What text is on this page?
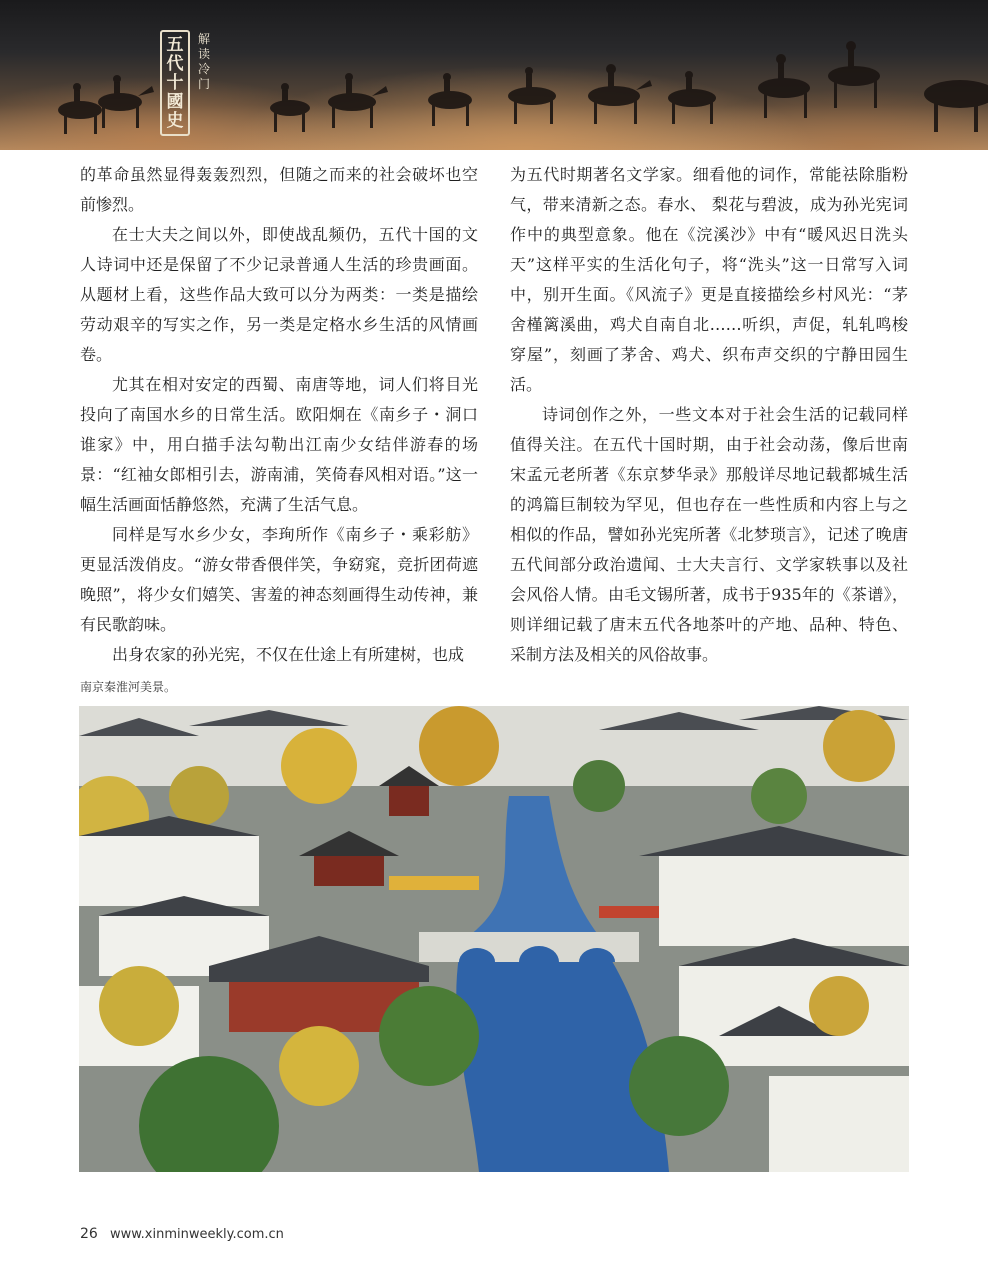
五
代
十
國
史
解
读
冷
门

的革命虽然显得轰轰烈烈，但随之而来的社会破坏也空前惨烈。

在士大夫之间以外，即使战乱频仍，五代十国的文人诗词中还是保留了不少记录普通人生活的珍贵画面。从题材上看，这些作品大致可以分为两类：一类是描绘劳动艰辛的写实之作，另一类是定格水乡生活的风情画卷。

尤其在相对安定的西蜀、南唐等地，词人们将目光投向了南国水乡的日常生活。欧阳炯在《南乡子・洞口谁家》中，用白描手法勾勒出江南少女结伴游春的场景：“红袖女郎相引去，游南浦，笑倚春风相对语。”这一幅生活画面恬静悠然，充满了生活气息。

同样是写水乡少女，李珣所作《南乡子・乘彩舫》更显活泼俏皮。“游女带香偎伴笑，争窈窕，竞折团荷遮晚照”，将少女们嬉笑、害羞的神态刻画得生动传神，兼有民歌韵味。

出身农家的孙光宪，不仅在仕途上有所建树，也成

为五代时期著名文学家。细看他的词作，常能祛除脂粉气，带来清新之态。春水、 梨花与碧波，成为孙光宪词作中的典型意象。他在《浣溪沙》中有“暖风迟日洗头天”这样平实的生活化句子，将“洗头”这一日常写入词中，别开生面。《风流子》更是直接描绘乡村风光：“茅舍槿篱溪曲，鸡犬自南自北……听织，声促，轧轧鸣梭穿屋”，刻画了茅舍、鸡犬、织布声交织的宁静田园生活。

诗词创作之外，一些文本对于社会生活的记载同样值得关注。在五代十国时期，由于社会动荡，像后世南宋孟元老所著《东京梦华录》那般详尽地记载都城生活的鸿篇巨制较为罕见，但也存在一些性质和内容上与之相似的作品，譬如孙光宪所著《北梦琐言》，记述了晚唐五代间部分政治遗闻、士大夫言行、文学家轶事以及社会风俗人情。由毛文锡所著，成书于935年的《茶谱》，则详细记载了唐末五代各地茶叶的产地、品种、特色、采制方法及相关的风俗故事。

南京秦淮河美景。
26 www.xinminweekly.com.cn
